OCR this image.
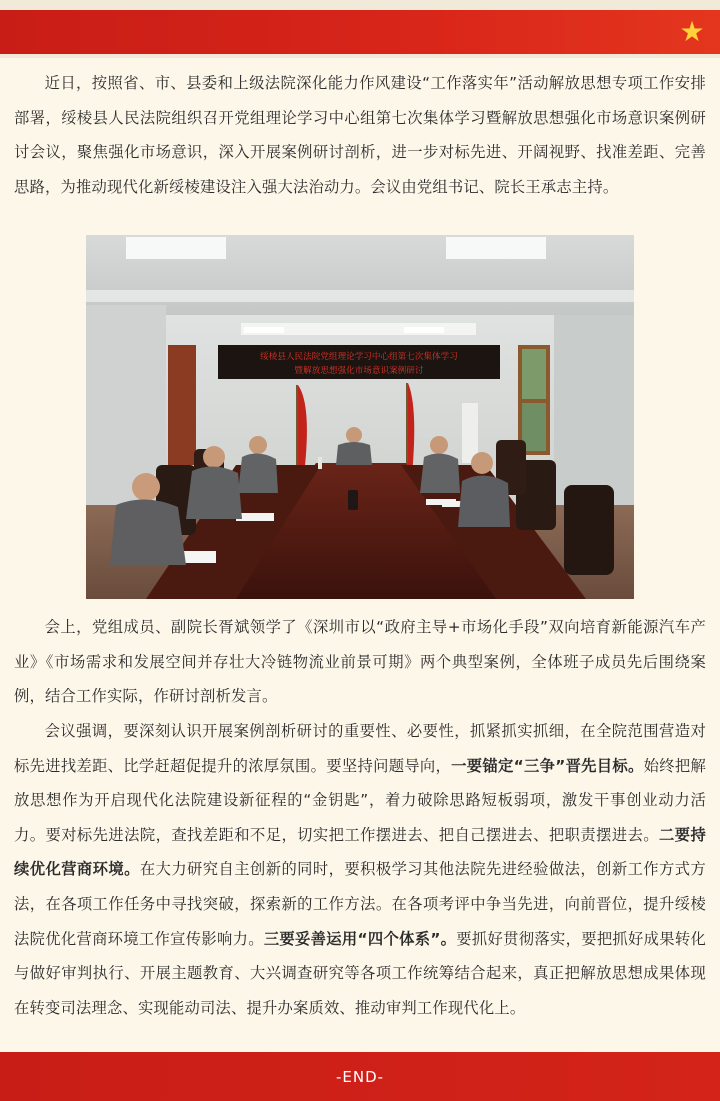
★

近日，按照省、市、县委和上级法院深化能力作风建设“工作落实年”活动解放思想专项工作安排部署，绥棱县人民法院组织召开党组理论学习中心组第七次集体学习暨解放思想强化市场意识案例研讨会议，聚焦强化市场意识，深入开展案例研讨剖析，进一步对标先进、开阔视野、找准差距、完善思路，为推动现代化新绥棱建设注入强大法治动力。会议由党组书记、院长王承志主持。

绥棱县人民法院党组理论学习中心组第七次集体学习
暨解放思想强化市场意识案例研讨

会上，党组成员、副院长胥斌领学了《深圳市以“政府主导+市场化手段”双向培育新能源汽车产业》《市场需求和发展空间并存壮大冷链物流业前景可期》两个典型案例，全体班子成员先后围绕案例，结合工作实际，作研讨剖析发言。

会议强调，要深刻认识开展案例剖析研讨的重要性、必要性，抓紧抓实抓细，在全院范围营造对标先进找差距、比学赶超促提升的浓厚氛围。要坚持问题导向，一要锚定“三争”晋先目标。始终把解放思想作为开启现代化法院建设新征程的“金钥匙”，着力破除思路短板弱项，激发干事创业动力活力。要对标先进法院，查找差距和不足，切实把工作摆进去、把自己摆进去、把职责摆进去。二要持续优化营商环境。在大力研究自主创新的同时，要积极学习其他法院先进经验做法，创新工作方式方法，在各项工作任务中寻找突破，探索新的工作方法。在各项考评中争当先进，向前晋位，提升绥棱法院优化营商环境工作宣传影响力。三要妥善运用“四个体系”。要抓好贯彻落实，要把抓好成果转化与做好审判执行、开展主题教育、大兴调查研究等各项工作统筹结合起来，真正把解放思想成果体现在转变司法理念、实现能动司法、提升办案质效、推动审判工作现代化上。

-END-
